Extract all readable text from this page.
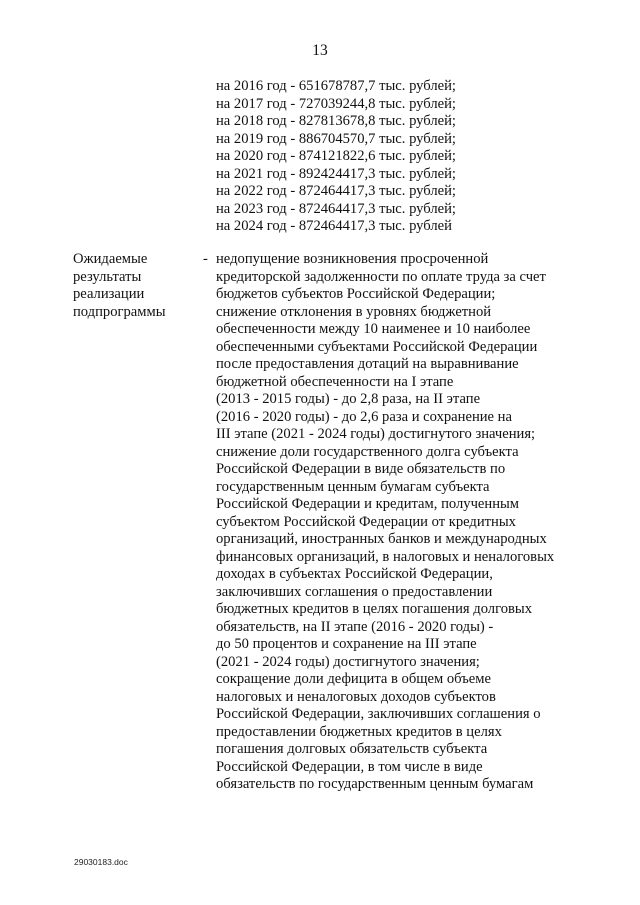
13
на 2016 год - 651678787,7 тыс. рублей;
на 2017 год - 727039244,8 тыс. рублей;
на 2018 год - 827813678,8 тыс. рублей;
на 2019 год - 886704570,7 тыс. рублей;
на 2020 год - 874121822,6 тыс. рублей;
на 2021 год - 892424417,3 тыс. рублей;
на 2022 год - 872464417,3 тыс. рублей;
на 2023 год - 872464417,3 тыс. рублей;
на 2024 год - 872464417,3 тыс. рублей
Ожидаемые
результаты
реализации
подпрограммы
- недопущение возникновения просроченной
кредиторской задолженности по оплате труда за счет
бюджетов субъектов Российской Федерации;
снижение отклонения в уровнях бюджетной
обеспеченности между 10 наименее и 10 наиболее
обеспеченными субъектами Российской Федерации
после предоставления дотаций на выравнивание
бюджетной обеспеченности на I этапе
(2013 - 2015 годы) - до 2,8 раза, на II этапе
(2016 - 2020 годы) - до 2,6 раза и сохранение на
III этапе (2021 - 2024 годы) достигнутого значения;
снижение доли государственного долга субъекта
Российской Федерации в виде обязательств по
государственным ценным бумагам субъекта
Российской Федерации и кредитам, полученным
субъектом Российской Федерации от кредитных
организаций, иностранных банков и международных
финансовых организаций, в налоговых и неналоговых
доходах в субъектах Российской Федерации,
заключивших соглашения о предоставлении
бюджетных кредитов в целях погашения долговых
обязательств, на II этапе (2016 - 2020 годы) -
до 50 процентов и сохранение на III этапе
(2021 - 2024 годы) достигнутого значения;
сокращение доли дефицита в общем объеме
налоговых и неналоговых доходов субъектов
Российской Федерации, заключивших соглашения о
предоставлении бюджетных кредитов в целях
погашения долговых обязательств субъекта
Российской Федерации, в том числе в виде
обязательств по государственным ценным бумагам
29030183.doc
